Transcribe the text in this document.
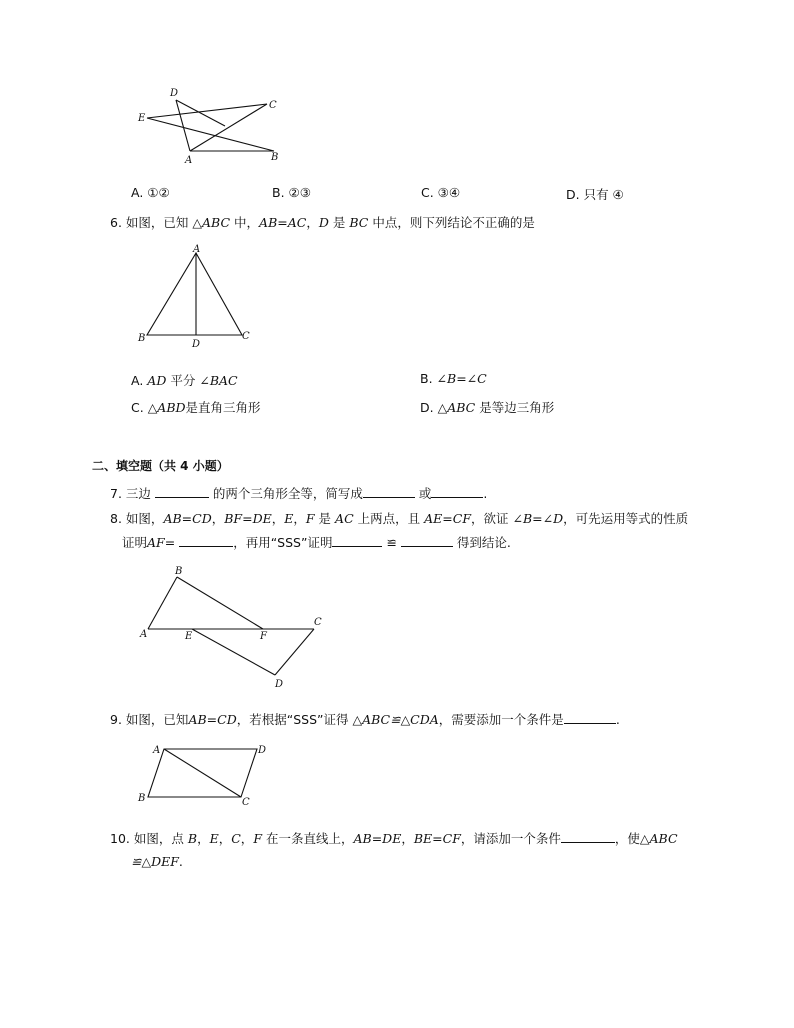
D
C
E
A	B
A. ①②	B. ②③	C. ③④	D. 只有 ④
6. 如图，已知 △ABC 中，AB=AC，D 是 BC 中点，则下列结论不正确的是
A
B	C
D
A. AD 平分 ∠BAC	B. ∠B=∠C
C. △ABD是直角三角形	D. △ABC 是等边三角形
二、填空题（共 4 小题）
7. 三边	的两个三角形全等，简写成	或	.
8. 如图，AB=CD，BF=DE，E，F 是 AC 上两点，且 AE=CF，欲证 ∠B=∠D，可先运用等式的性质
证明AF=	，再用“SSS”证明	≌	得到结论.
B
A	E	F
C
D
9. 如图，已知AB=CD，若根据“SSS”证得 △ABC≌△CDA，需要添加一个条件是	.
A	D
B	C
10. 如图，点 B，E，C，F 在一条直线上，AB=DE，BE=CF，请添加一个条件	，使△ABC
≌△DEF.
